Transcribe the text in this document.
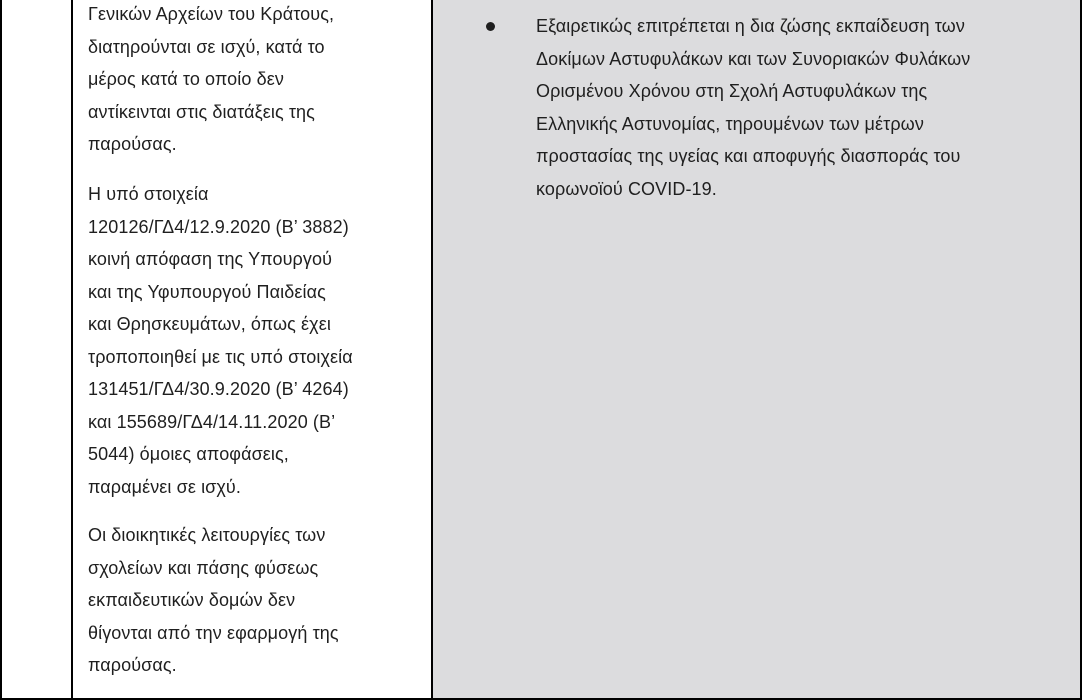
Γενικών Αρχείων του Κράτους,
διατηρούνται σε ισχύ, κατά το
μέρος κατά το οποίο δεν
αντίκεινται στις διατάξεις της
παρούσας.

Η υπό στοιχεία
120126/ΓΔ4/12.9.2020 (Β’ 3882)
κοινή απόφαση της Υπουργού
και της Υφυπουργού Παιδείας
και Θρησκευμάτων, όπως έχει
τροποποιηθεί με τις υπό στοιχεία
131451/ΓΔ4/30.9.2020 (Β’ 4264)
και 155689/ΓΔ4/14.11.2020 (Β’
5044) όμοιες αποφάσεις,
παραμένει σε ισχύ.

Οι διοικητικές λειτουργίες των
σχολείων και πάσης φύσεως
εκπαιδευτικών δομών δεν
θίγονται από την εφαρμογή της
παρούσας.

Εξαιρετικώς επιτρέπεται η δια ζώσης εκπαίδευση των
Δοκίμων Αστυφυλάκων και των Συνοριακών Φυλάκων
Ορισμένου Χρόνου στη Σχολή Αστυφυλάκων της
Ελληνικής Αστυνομίας, τηρουμένων των μέτρων
προστασίας της υγείας και αποφυγής διασποράς του
κορωνοϊού COVID-19.
